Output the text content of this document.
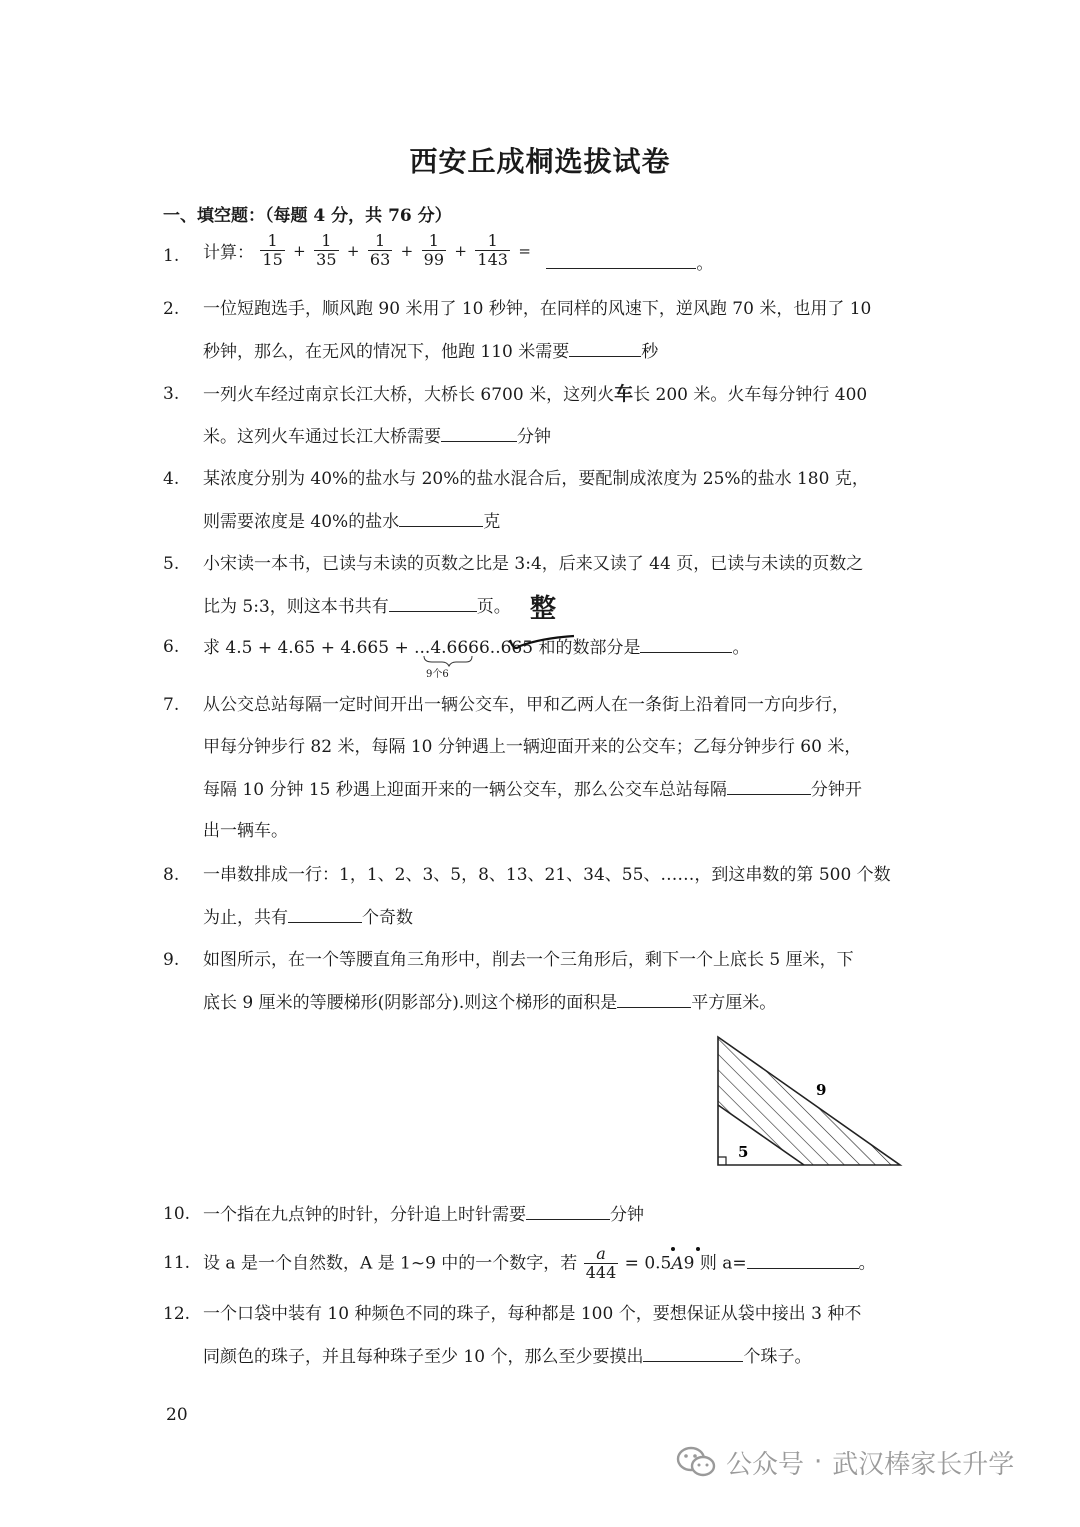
西安丘成桐选拔试卷
一、填空题：（每题 4 分，共 76 分）
1. 计算： $\frac{1}{15} + \frac{1}{35} + \frac{1}{63} + \frac{1}{99} + \frac{1}{143}$ = 。
2. 一位短跑选手，顺风跑 90 米用了 10 秒钟，在同样的风速下，逆风跑 70 米，也用了 10
秒钟，那么，在无风的情况下，他跑 110 米需要	秒
3. 一列火车经过南京长江大桥，大桥长 6700 米，这列火车长 200 米。火车每分钟行 400
米。这列火车通过长江大桥需要	分钟
4. 某浓度分别为 40%的盐水与 20%的盐水混合后，要配制成浓度为 25%的盐水 180 克，
则需要浓度是 40%的盐水	克
5. 小宋读一本书，已读与未读的页数之比是 3:4，后来又读了 44 页，已读与未读的页数之
比为 5:3，则这本书共有	页。 整
6. 求 4.5 + 4.65 + 4.665 + ...4.6666..665 和的数部分是	。
9个6
7. 从公交总站每隔一定时间开出一辆公交车，甲和乙两人在一条街上沿着同一方向步行，
甲每分钟步行 82 米，每隔 10 分钟遇上一辆迎面开来的公交车；乙每分钟步行 60 米，
每隔 10 分钟 15 秒遇上迎面开来的一辆公交车，那么公交车总站每隔	分钟开
出一辆车。
8. 一串数排成一行：1，1、2、3、5，8、13、21、34、55、……，到这串数的第 500 个数
为止，共有	个奇数
9. 如图所示，在一个等腰直角三角形中，削去一个三角形后，剩下一个上底长 5 厘米，下
底长 9 厘米的等腰梯形(阴影部分).则这个梯形的面积是	平方厘米。
9
5
10. 一个指在九点钟的时针，分针追上时针需要	分钟
11. 设 a 是一个自然数，A 是 1~9 中的一个数字，若 $\frac{a}{444} = 0.5A9$ 则 a=	。
12. 一个口袋中装有 10 种频色不同的珠子，每种都是 100 个，要想保证从袋中接出 3 种不
同颜色的珠子，并且每种珠子至少 10 个，那么至少要摸出	个珠子。
20
公众号 · 武汉棒家长升学
